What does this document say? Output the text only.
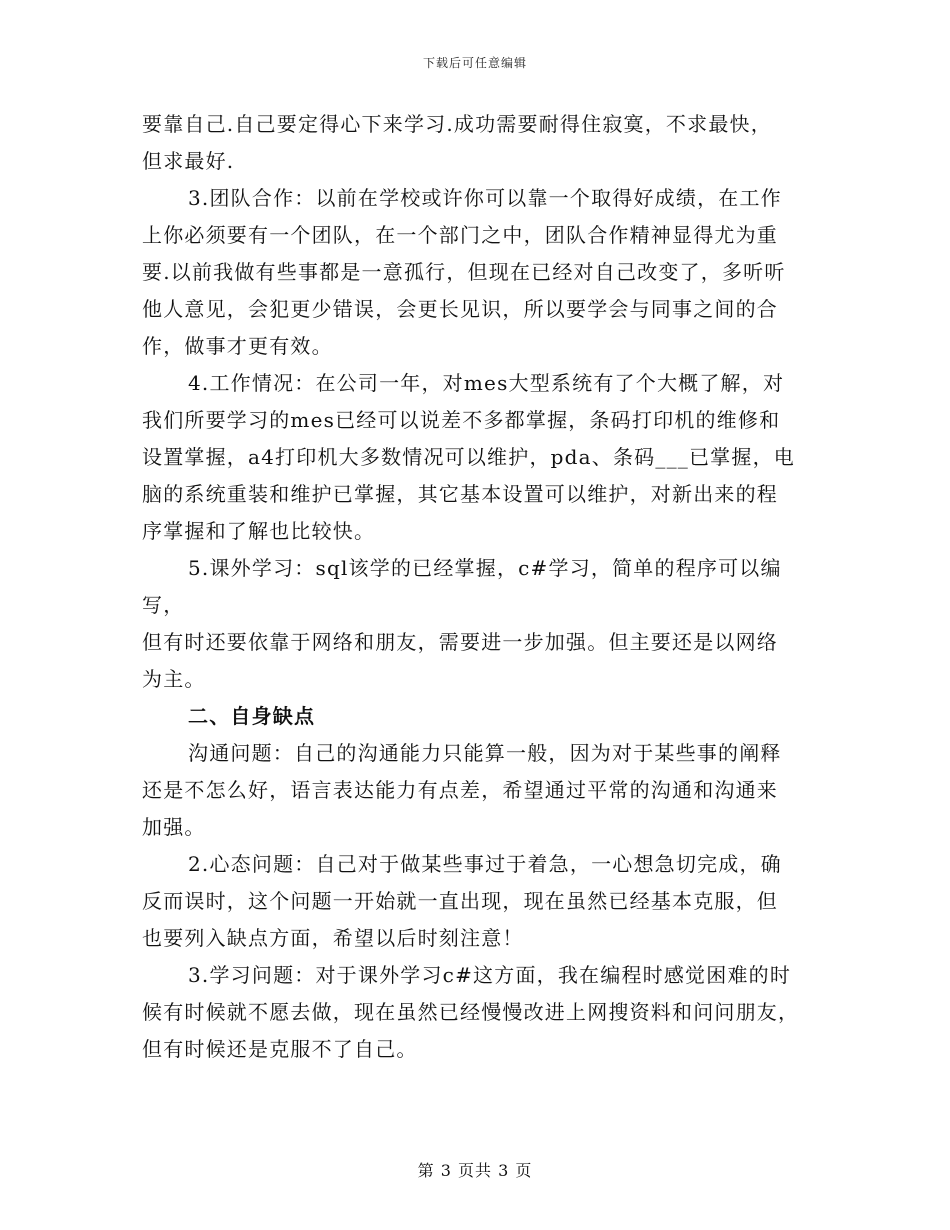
下载后可任意编辑

要靠自己.自己要定得心下来学习.成功需要耐得住寂寞，不求最快，
但求最好.

3.团队合作：以前在学校或许你可以靠一个取得好成绩，在工作
上你必须要有一个团队，在一个部门之中，团队合作精神显得尤为重
要.以前我做有些事都是一意孤行，但现在已经对自己改变了，多听听
他人意见，会犯更少错误，会更长见识，所以要学会与同事之间的合
作，做事才更有效。

4.工作情况：在公司一年，对mes大型系统有了个大概了解，对
我们所要学习的mes已经可以说差不多都掌握，条码打印机的维修和
设置掌握，a4打印机大多数情况可以维护，pda、条码___已掌握，电
脑的系统重装和维护已掌握，其它基本设置可以维护，对新出来的程
序掌握和了解也比较快。

5.课外学习：sql该学的已经掌握，c#学习，简单的程序可以编写，
但有时还要依靠于网络和朋友，需要进一步加强。但主要还是以网络
为主。

二、自身缺点

沟通问题：自己的沟通能力只能算一般，因为对于某些事的阐释
还是不怎么好，语言表达能力有点差，希望通过平常的沟通和沟通来
加强。

2.心态问题：自己对于做某些事过于着急，一心想急切完成，确
反而误时，这个问题一开始就一直出现，现在虽然已经基本克服，但
也要列入缺点方面，希望以后时刻注意！

3.学习问题：对于课外学习c#这方面，我在编程时感觉困难的时
候有时候就不愿去做，现在虽然已经慢慢改进上网搜资料和问问朋友，
但有时候还是克服不了自己。

第 3 页共 3 页
